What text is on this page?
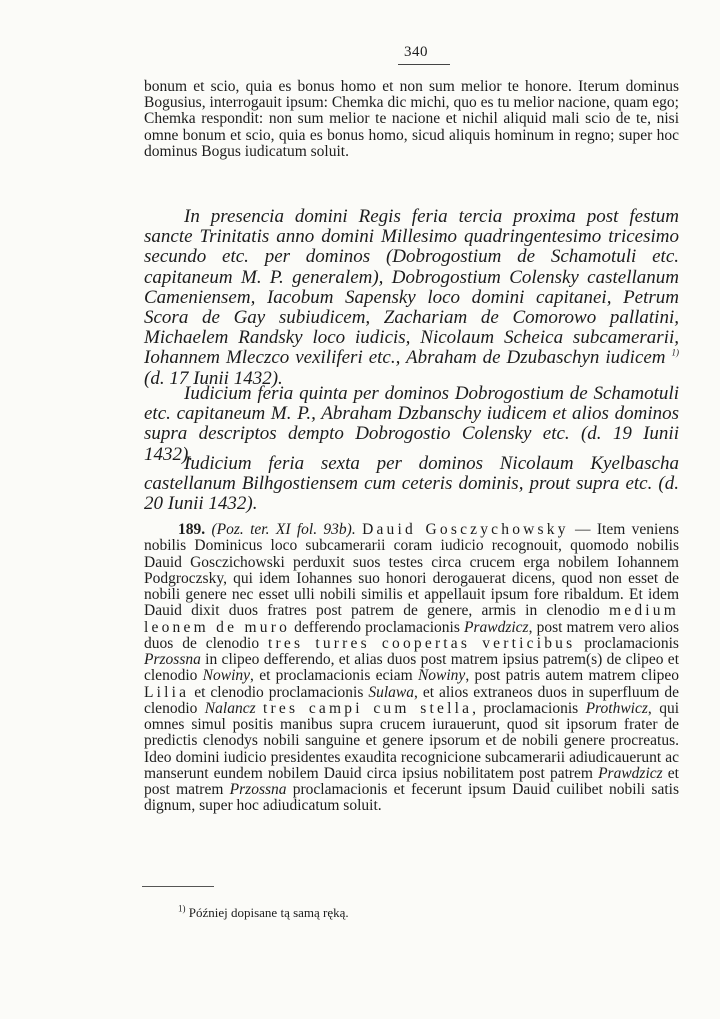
340

bonum et scio, quia es bonus homo et non sum melior te honore. Iterum dominus Bogusius, interrogauit ipsum: Chemka dic michi, quo es tu melior nacione, quam ego; Chemka respondit: non sum melior te nacione et nichil aliquid mali scio de te, nisi omne bonum et scio, quia es bonus homo, sicud aliquis hominum in regno; super hoc dominus Bogus iudicatum soluit.

In presencia domini Regis feria tercia proxima post festum sancte Trinitatis anno domini Millesimo quadringentesimo tricesimo secundo etc. per dominos (Dobrogostium de Schamotuli etc. capitaneum M. P. generalem), Dobrogostium Colensky castellanum Cameniensem, Iacobum Sapensky loco domini capitanei, Petrum Scora de Gay subiudicem, Zachariam de Comorowo pallatini, Michaelem Randsky loco iudicis, Nicolaum Scheica subcamerarii, Iohannem Mleczco vexiliferi etc., Abraham de Dzubaschyn iudicem $^{1)}$ (d. 17 Iunii 1432).

Iudicium feria quinta per dominos Dobrogostium de Schamotuli etc. capitaneum M. P., Abraham Dzbanschy iudicem et alios dominos supra descriptos dempto Dobrogostio Colensky etc. (d. 19 Iunii 1432).

Iudicium feria sexta per dominos Nicolaum Kyelbascha castellanum Bilhgostiensem cum ceteris dominis, prout supra etc. (d. 20 Iunii 1432).

189. (Poz. ter. XI fol. 93b). Dauid Gosczychowsky — Item veniens nobilis Dominicus loco subcamerarii coram iudicio recognouit, quomodo nobilis Dauid Gosczichowski perduxit suos testes circa crucem erga nobilem Iohannem Podgroczsky, qui idem Iohannes suo honori derogauerat dicens, quod non esset de nobili genere nec esset ulli nobili similis et appellauit ipsum fore ribaldum. Et idem Dauid dixit duos fratres post patrem de genere, armis in clenodio medium leonem de muro defferendo proclamacionis Prawdzicz, post matrem vero alios duos de clenodio tres turres coopertas verticibus proclamacionis Przossna in clipeo defferendo, et alias duos post matrem ipsius patrem(s) de clipeo et clenodio Nowiny, et proclamacionis eciam Nowiny, post patris autem matrem clipeo Lilia et clenodio proclamacionis Sulawa, et alios extraneos duos in superfluum de clenodio Nalancz tres campi cum stella, proclamacionis Prothwicz, qui omnes simul positis manibus supra crucem iurauerunt, quod sit ipsorum frater de predictis clenodys nobili sanguine et genere ipsorum et de nobili genere procreatus. Ideo domini iudicio presidentes exaudita recognicione subcamerarii adiudicauerunt ac manserunt eundem nobilem Dauid circa ipsius nobilitatem post patrem Prawdzicz et post matrem Przossna proclamacionis et fecerunt ipsum Dauid cuilibet nobili satis dignum, super hoc adiudicatum soluit.

$^{1)}$ Później dopisane tą samą ręką.
